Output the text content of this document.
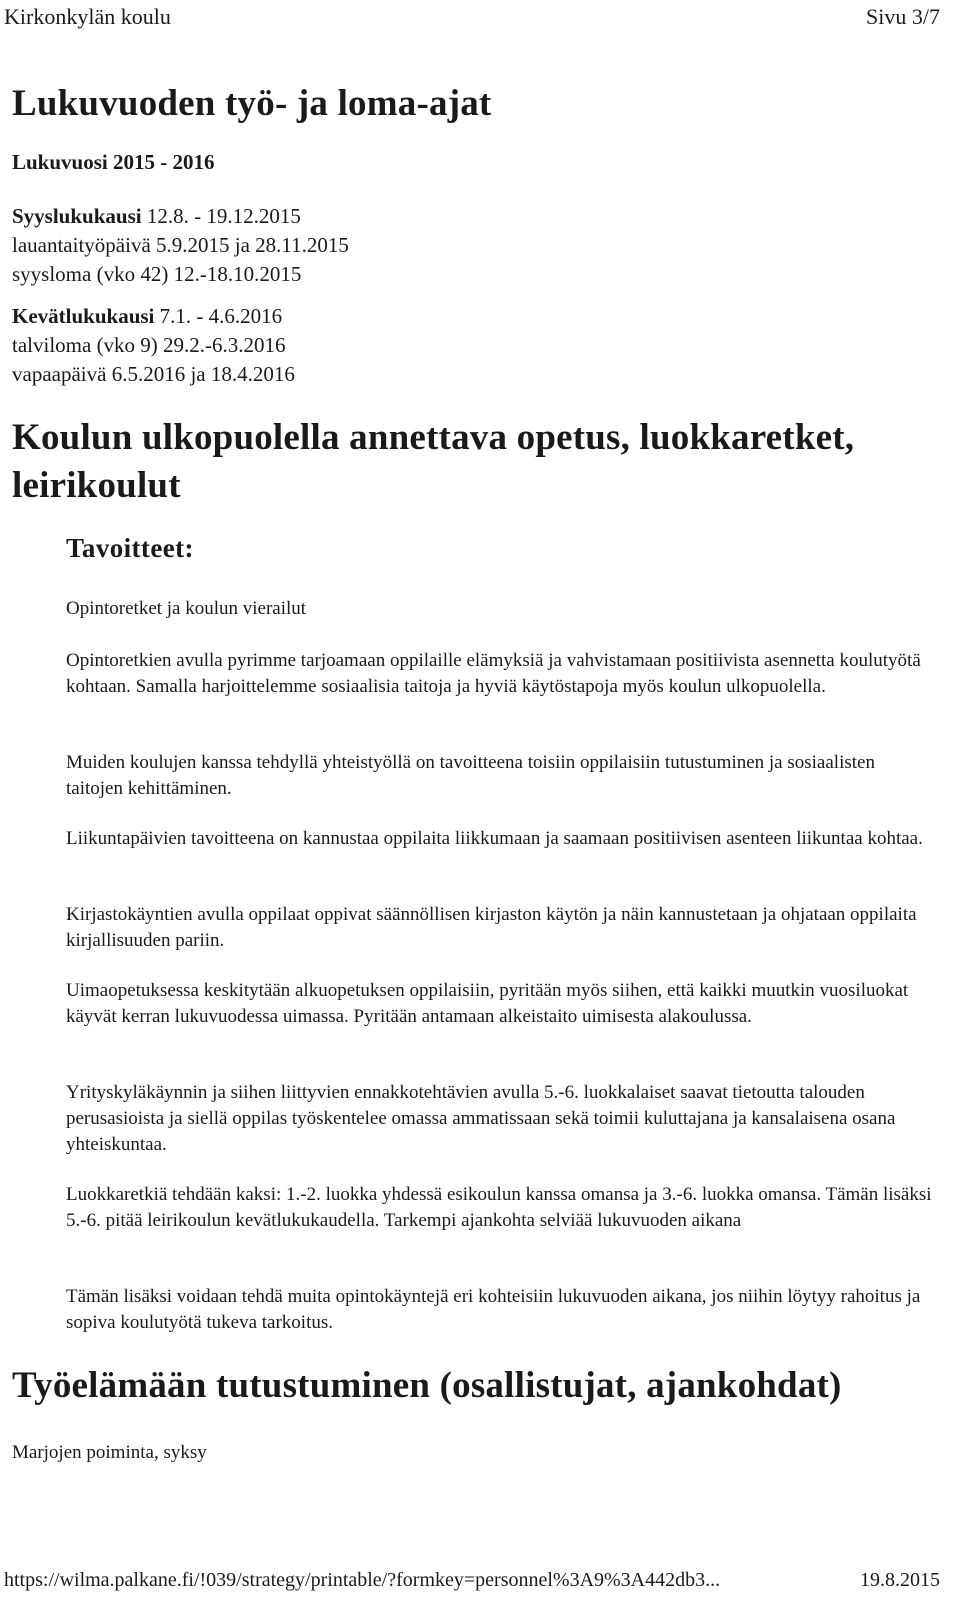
Kirkonkylän koulu	Sivu 3/7
Lukuvuoden työ- ja loma-ajat
Lukuvuosi 2015 - 2016
Syyslukukausi 12.8. - 19.12.2015
lauantaityöpäivä 5.9.2015 ja 28.11.2015
syysloma (vko 42) 12.-18.10.2015
Kevätlukukausi 7.1. - 4.6.2016
talviloma (vko 9) 29.2.-6.3.2016
vapaapäivä 6.5.2016 ja 18.4.2016
Koulun ulkopuolella annettava opetus, luokkaretket, leirikoulut
Tavoitteet:

Opintoretket ja koulun vierailut

Opintoretkien avulla pyrimme tarjoamaan oppilaille elämyksiä ja vahvistamaan positiivista asennetta koulutyötä kohtaan. Samalla harjoittelemme sosiaalisia taitoja ja hyviä käytöstapoja myös koulun ulkopuolella.

Muiden koulujen kanssa tehdyllä yhteistyöllä on tavoitteena toisiin oppilaisiin tutustuminen ja sosiaalisten taitojen kehittäminen.

Liikuntapäivien tavoitteena on kannustaa oppilaita liikkumaan ja saamaan positiivisen asenteen liikuntaa kohtaa.

Kirjastokäyntien avulla oppilaat oppivat säännöllisen kirjaston käytön ja näin kannustetaan ja ohjataan oppilaita kirjallisuuden pariin.

Uimaopetuksessa keskitytään alkuopetuksen oppilaisiin, pyritään myös siihen, että kaikki muutkin vuosiluokat käyvät kerran lukuvuodessa uimassa. Pyritään antamaan alkeistaito uimisesta alakoulussa.

Yrityskyläkäynnin ja siihen liittyvien ennakkotehtävien avulla 5.-6. luokkalaiset saavat tietoutta talouden perusasioista ja siellä oppilas työskentelee omassa ammatissaan sekä toimii kuluttajana ja kansalaisena osana yhteiskuntaa.

Luokkaretkiä tehdään kaksi: 1.-2. luokka yhdessä esikoulun kanssa omansa ja 3.-6. luokka omansa. Tämän lisäksi 5.-6. pitää leirikoulun kevätlukukaudella. Tarkempi ajankohta selviää lukuvuoden aikana

Tämän lisäksi voidaan tehdä muita opintokäyntejä eri kohteisiin lukuvuoden aikana, jos niihin löytyy rahoitus ja sopiva koulutyötä tukeva tarkoitus.

Työelämään tutustuminen (osallistujat, ajankohdat)

Marjojen poiminta, syksy

https://wilma.palkane.fi/!039/strategy/printable/?formkey=personnel%3A9%3A442db3...	19.8.2015
